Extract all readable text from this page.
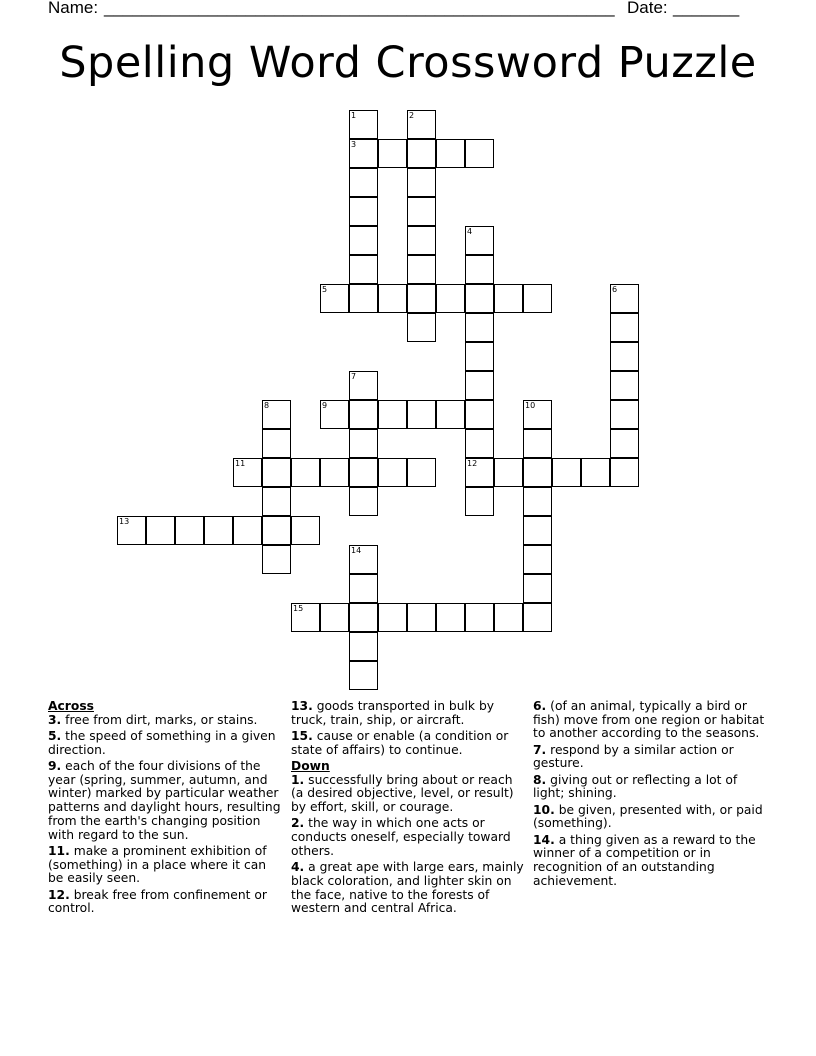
Name: ______________________________________________________ Date: _______
Spelling Word Crossword Puzzle
1
3
2
4
12
5	6
7
8	9	10
11
13
14
15

Across

3. free from dirt, marks, or stains.

5. the speed of something in a given direction.

9. each of the four divisions of the year (spring, summer, autumn, and winter) marked by particular weather patterns and daylight hours, resulting from the earth's changing position with regard to the sun.

11. make a prominent exhibition of (something) in a place where it can be easily seen.

12. break free from confinement or control.

13. goods transported in bulk by truck, train, ship, or aircraft.

15. cause or enable (a condition or state of affairs) to continue.

Down

1. successfully bring about or reach (a desired objective, level, or result) by effort, skill, or courage.

2. the way in which one acts or conducts oneself, especially toward others.

4. a great ape with large ears, mainly black coloration, and lighter skin on the face, native to the forests of western and central Africa.

6. (of an animal, typically a bird or fish) move from one region or habitat to another according to the seasons.

7. respond by a similar action or gesture.

8. giving out or reflecting a lot of light; shining.

10. be given, presented with, or paid (something).

14. a thing given as a reward to the winner of a competition or in recognition of an outstanding achievement.
